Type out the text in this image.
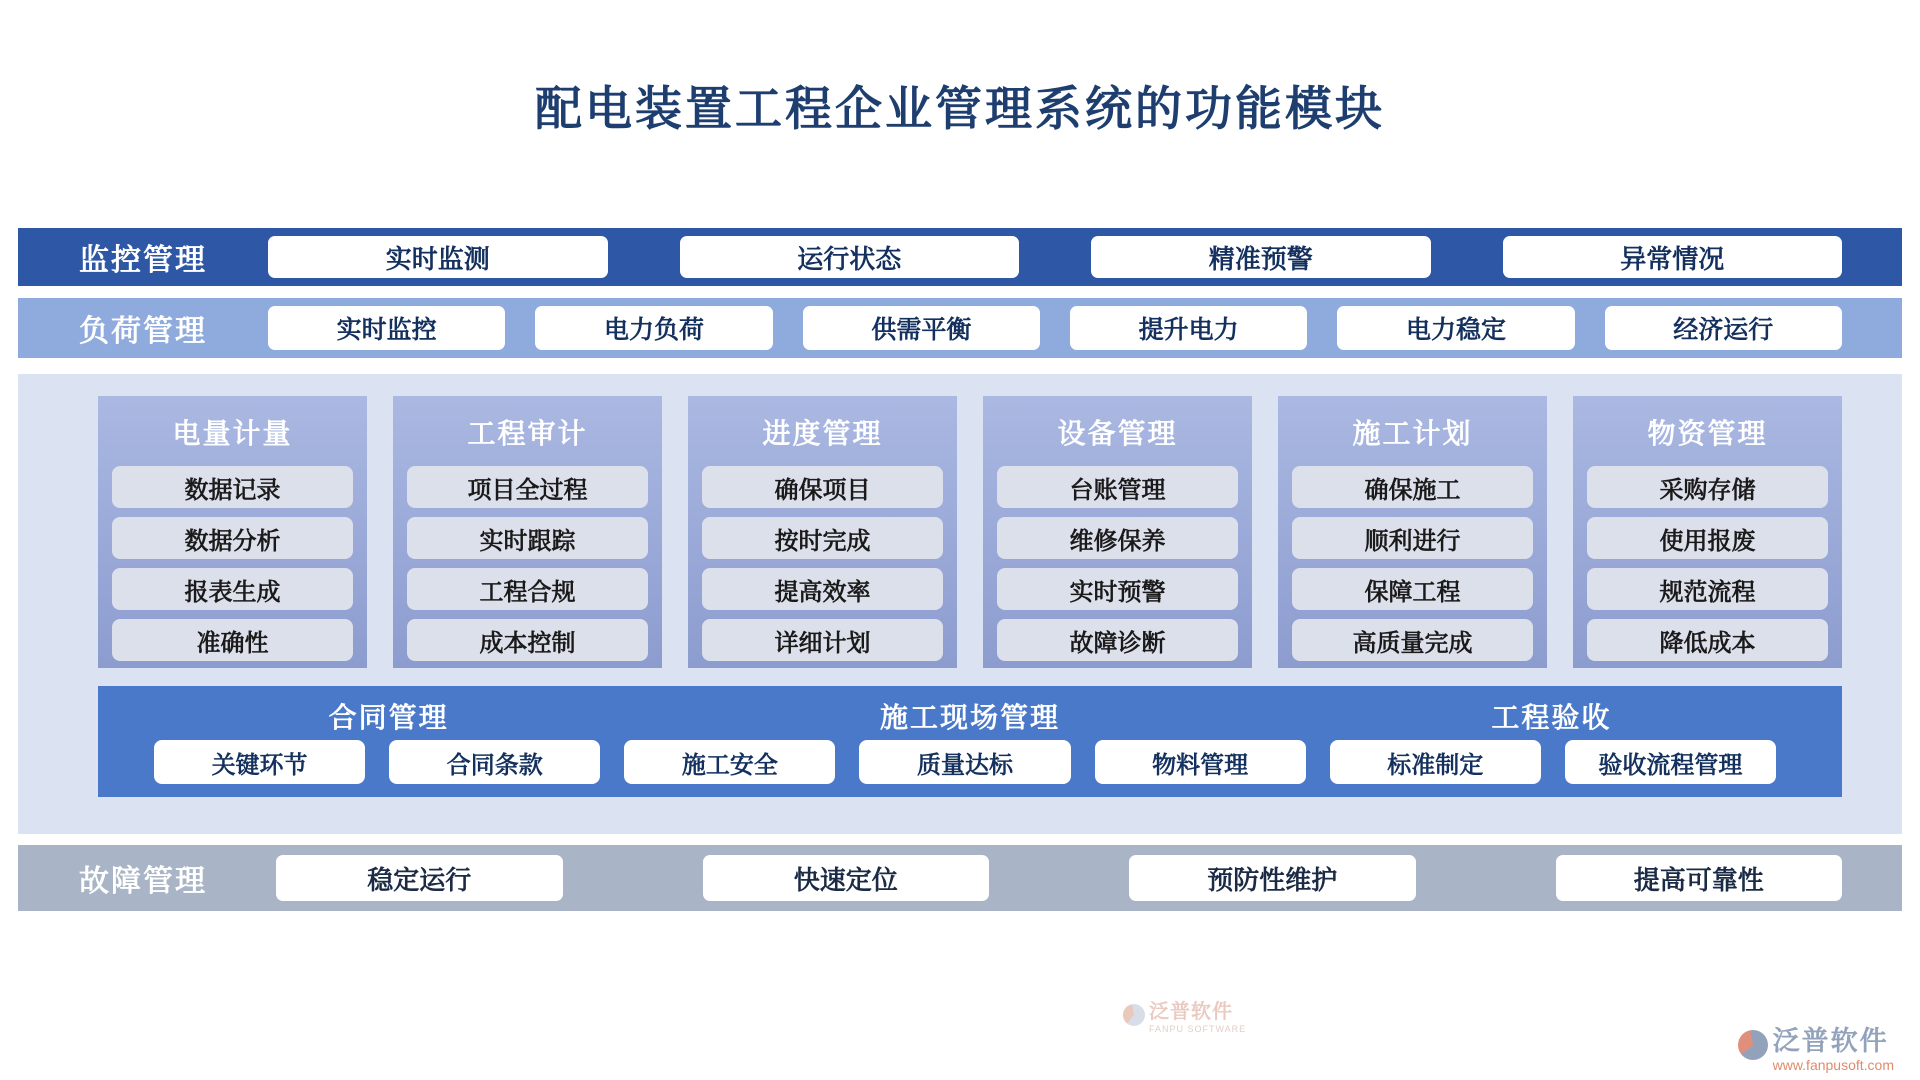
配电装置工程企业管理系统的功能模块
监控管理	实时监测	运行状态	精准预警	异常情况
负荷管理	实时监控	电力负荷	供需平衡	提升电力	电力稳定	经济运行
电量计量
数据记录
数据分析
报表生成
准确性
工程审计
项目全过程
实时跟踪
工程合规
成本控制
进度管理
确保项目
按时完成
提高效率
详细计划
设备管理
台账管理
维修保养
实时预警
故障诊断
施工计划
确保施工
顺利进行
保障工程
高质量完成
物资管理
采购存储
使用报废
规范流程
降低成本
合同管理	施工现场管理	工程验收
关键环节	合同条款	施工安全	质量达标	物料管理	标准制定	验收流程管理
泛普软件
FANPU SOFTWARE
故障管理	稳定运行	快速定位	预防性维护	提高可靠性
泛普软件
www.fanpusoft.com
